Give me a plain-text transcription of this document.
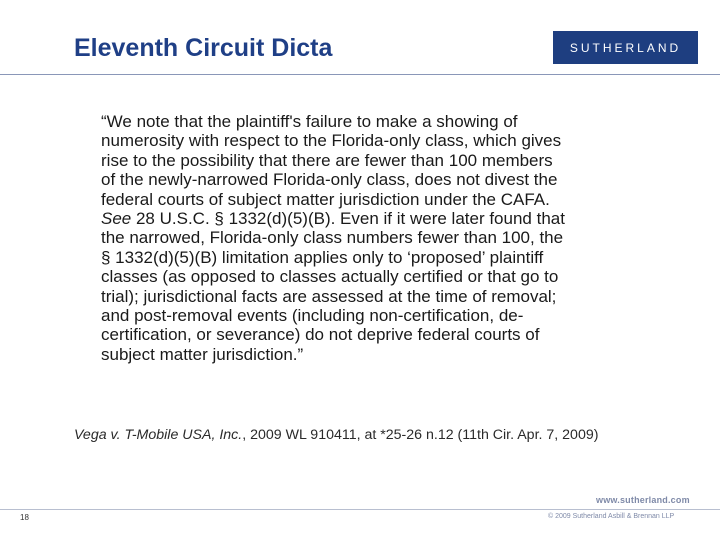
Eleventh Circuit Dicta	SUTHERLAND
“We note that the plaintiff's failure to make a showing of
numerosity with respect to the Florida-only class, which gives
rise to the possibility that there are fewer than 100 members
of the newly-narrowed Florida-only class, does not divest the
federal courts of subject matter jurisdiction under the CAFA.
See 28 U.S.C. § 1332(d)(5)(B). Even if it were later found that
the narrowed, Florida-only class numbers fewer than 100, the
§ 1332(d)(5)(B) limitation applies only to ‘proposed’ plaintiff
classes (as opposed to classes actually certified or that go to
trial); jurisdictional facts are assessed at the time of removal;
and post-removal events (including non-certification, de-
certification, or severance) do not deprive federal courts of
subject matter jurisdiction.”
Vega v. T-Mobile USA, Inc., 2009 WL 910411, at *25-26 n.12 (11th Cir. Apr. 7, 2009)
www.sutherland.com
18	© 2009 Sutherland Asbill & Brennan LLP
